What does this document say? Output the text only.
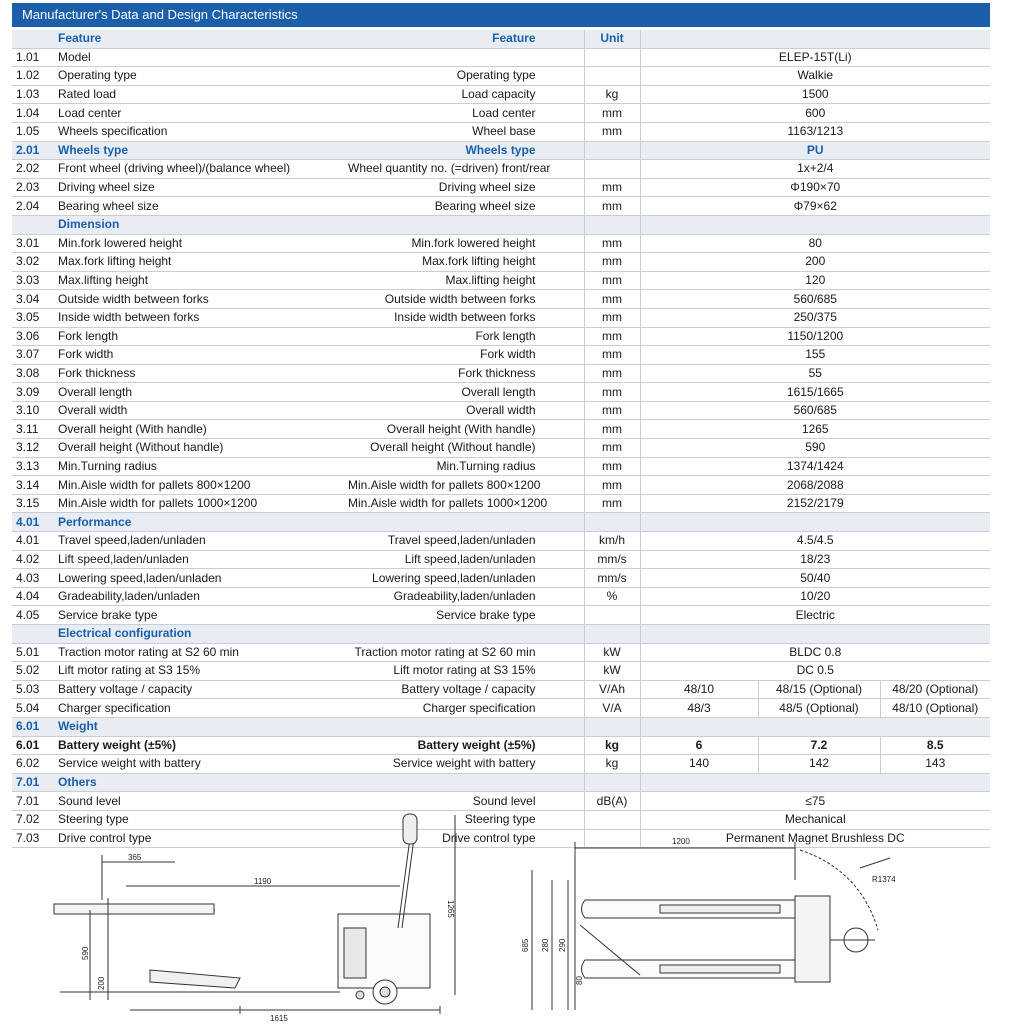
Manufacturer's Data and Design Characteristics
	Feature	Feature	Unit			
1.01	Model			ELEP-15T(Li)		
1.02	Operating type	Operating type		Walkie		
1.03	Rated load	Load capacity	kg	1500		
1.04	Load center	Load center	mm	600		
1.05	Wheels specification	Wheel base	mm	1163/1213		
2.01	Wheels type	Wheels type		PU		
2.02	Front wheel (driving wheel)/(balance wheel)	Wheel quantity no. (=driven) front/rear		1x+2/4		
2.03	Driving wheel size	Driving wheel size	mm	Φ190×70		
2.04	Bearing wheel size	Bearing wheel size	mm	Φ79×62		
	Dimension					
3.01	Min.fork lowered height	Min.fork lowered height	mm	80		
3.02	Max.fork lifting height	Max.fork lifting height	mm	200		
3.03	Max.lifting height	Max.lifting height	mm	120		
3.04	Outside width between forks	Outside width between forks	mm	560/685		
3.05	Inside width between forks	Inside width between forks	mm	250/375		
3.06	Fork length	Fork length	mm	1150/1200		
3.07	Fork width	Fork width	mm	155		
3.08	Fork thickness	Fork thickness	mm	55		
3.09	Overall length	Overall length	mm	1615/1665		
3.10	Overall width	Overall width	mm	560/685		
3.11	Overall height (With handle)	Overall height (With handle)	mm	1265		
3.12	Overall height (Without handle)	Overall height (Without handle)	mm	590		
3.13	Min.Turning radius	Min.Turning radius	mm	1374/1424		
3.14	Min.Aisle width for pallets 800×1200	Min.Aisle width for pallets 800×1200	mm	2068/2088		
3.15	Min.Aisle width for pallets 1000×1200	Min.Aisle width for pallets 1000×1200	mm	2152/2179		
4.01	Performance					
4.01	Travel speed,laden/unladen	Travel speed,laden/unladen	km/h	4.5/4.5		
4.02	Lift speed,laden/unladen	Lift speed,laden/unladen	mm/s	18/23		
4.03	Lowering speed,laden/unladen	Lowering speed,laden/unladen	mm/s	50/40		
4.04	Gradeability,laden/unladen	Gradeability,laden/unladen	%	10/20		
4.05	Service brake type	Service brake type		Electric		
	Electrical configuration					
5.01	Traction motor rating at S2 60 min	Traction motor rating at S2 60 min	kW	BLDC 0.8		
5.02	Lift motor rating at S3 15%	Lift motor rating at S3 15%	kW	DC 0.5		
5.03	Battery voltage / capacity	Battery voltage / capacity	V/Ah	48/10	48/15 (Optional)	48/20 (Optional)
5.04	Charger specification	Charger specification	V/A	48/3	48/5 (Optional)	48/10 (Optional)
6.01	Weight					
6.01	Battery weight (±5%)	Battery weight (±5%)	kg	6	7.2	8.5
6.02	Service weight with battery	Service weight with battery	kg	140	142	143
7.01	Others					
7.01	Sound level	Sound level	dB(A)	≤75		
7.02	Steering type	Steering type		Mechanical		
7.03	Drive control type	Drive control type		Permanent Magnet Brushless DC		
365
1190
1265
590
200
1615
1200
R1374
685 280 290
80
